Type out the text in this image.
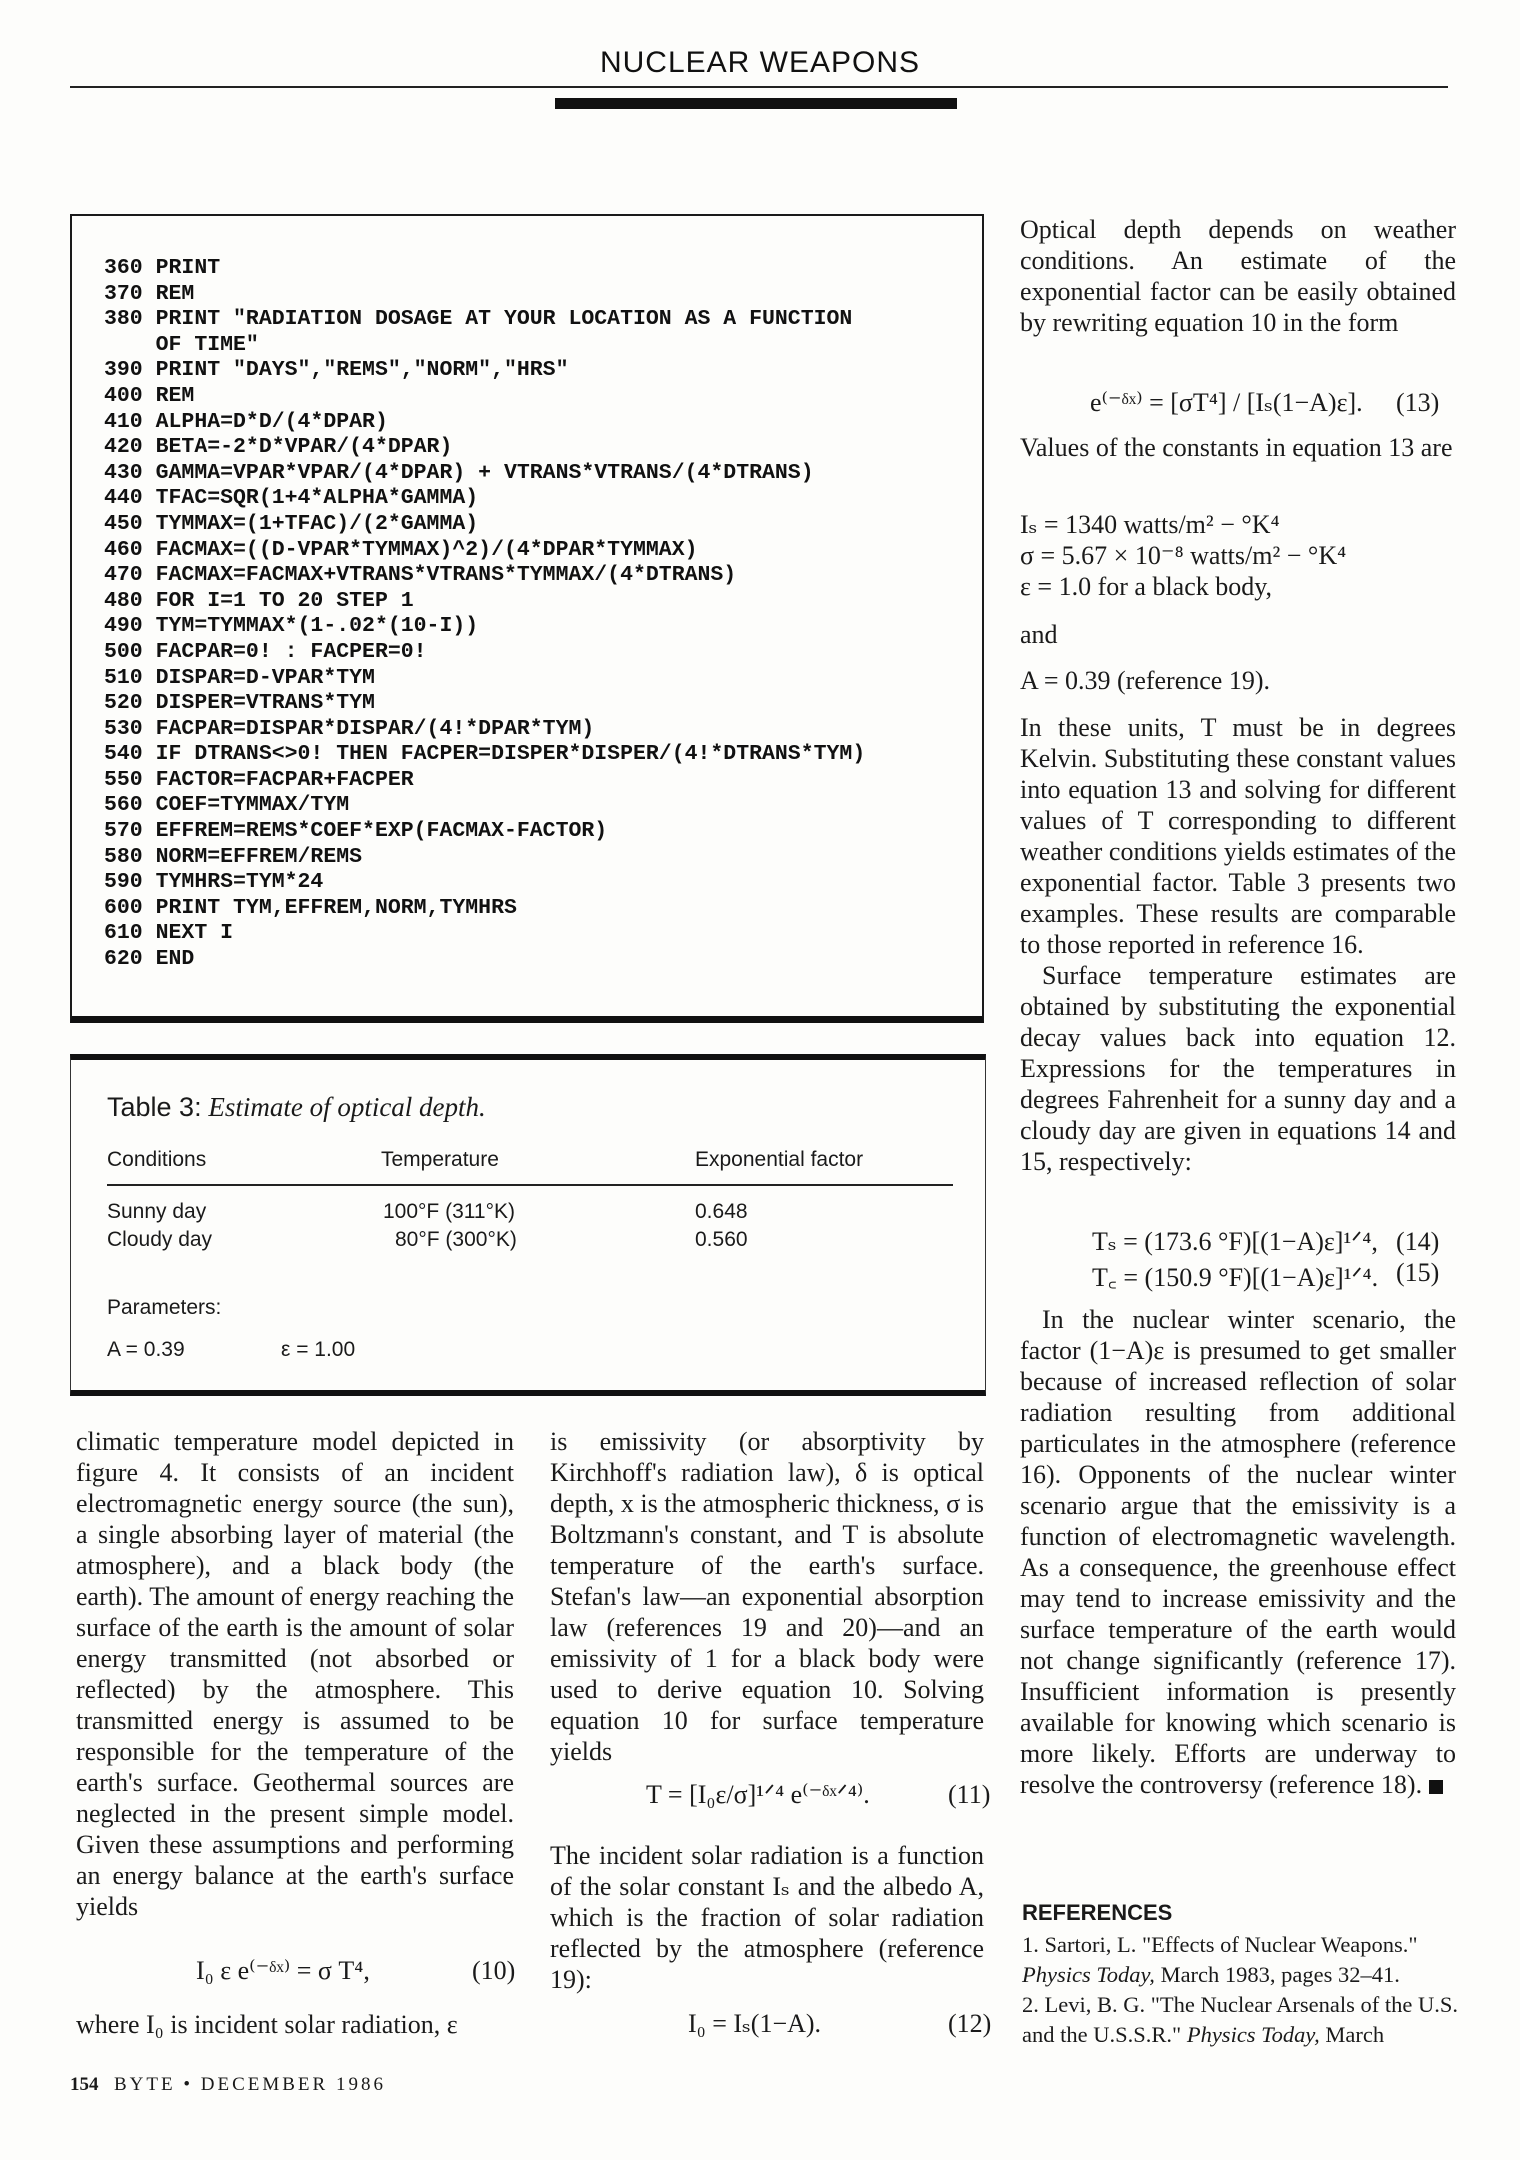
NUCLEAR WEAPONS
360 PRINT
370 REM
380 PRINT "RADIATION DOSAGE AT YOUR LOCATION AS A FUNCTION
OF TIME"
390 PRINT "DAYS","REMS","NORM","HRS"
400 REM
410 ALPHA=D*D/(4*DPAR)
420 BETA=-2*D*VPAR/(4*DPAR)
430 GAMMA=VPAR*VPAR/(4*DPAR) + VTRANS*VTRANS/(4*DTRANS)
440 TFAC=SQR(1+4*ALPHA*GAMMA)
450 TYMMAX=(1+TFAC)/(2*GAMMA)
460 FACMAX=((D-VPAR*TYMMAX)^2)/(4*DPAR*TYMMAX)
470 FACMAX=FACMAX+VTRANS*VTRANS*TYMMAX/(4*DTRANS)
480 FOR I=1 TO 20 STEP 1
490 TYM=TYMMAX*(1-.02*(10-I))
500 FACPAR=0! : FACPER=0!
510 DISPAR=D-VPAR*TYM
520 DISPER=VTRANS*TYM
530 FACPAR=DISPAR*DISPAR/(4!*DPAR*TYM)
540 IF DTRANS<>0! THEN FACPER=DISPER*DISPER/(4!*DTRANS*TYM)
550 FACTOR=FACPAR+FACPER
560 COEF=TYMMAX/TYM
570 EFFREM=REMS*COEF*EXP(FACMAX-FACTOR)
580 NORM=EFFREM/REMS
590 TYMHRS=TYM*24
600 PRINT TYM,EFFREM,NORM,TYMHRS
610 NEXT I
620 END
Table 3: Estimate of optical depth.
Conditions	Temperature	Exponential factor
Sunny day	100°F (311°K)	0.648
Cloudy day	80°F (300°K)	0.560
Parameters:
A = 0.39	ε = 1.00

climatic temperature model depicted in figure 4. It consists of an incident electromagnetic energy source (the sun), a single absorbing layer of material (the atmosphere), and a black body (the earth). The amount of energy reaching the surface of the earth is the amount of solar energy transmitted (not absorbed or reflected) by the atmosphere. This transmitted energy is assumed to be responsible for the temperature of the earth's surface. Geothermal sources are neglected in the present simple model. Given these assumptions and performing an energy balance at the earth's surface yields

I₀ ε e⁽⁻ᵟˣ⁾ = σ T⁴,	(10)

where I₀ is incident solar radiation, ε

is emissivity (or absorptivity by Kirchhoff's radiation law), δ is optical depth, x is the atmospheric thickness, σ is Boltzmann's constant, and T is absolute temperature of the earth's surface. Stefan's law—an exponential absorption law (references 19 and 20)—and an emissivity of 1 for a black body were used to derive equation 10. Solving equation 10 for surface temperature yields

T = [I₀ε/σ]¹ᐟ⁴ e⁽⁻ᵟˣᐟ⁴⁾.	(11)

The incident solar radiation is a function of the solar constant Iₛ and the albedo A, which is the fraction of solar radiation reflected by the atmosphere (reference 19):

I₀ = Iₛ(1−A).	(12)

Optical depth depends on weather conditions. An estimate of the exponential factor can be easily obtained by rewriting equation 10 in the form

e⁽⁻ᵟˣ⁾ = [σT⁴] / [Iₛ(1−A)ε]. (13)

Values of the constants in equation 13 are

Iₛ = 1340 watts/m² − °K⁴
σ = 5.67 × 10⁻⁸ watts/m² − °K⁴
ε = 1.0 for a black body,
and
A = 0.39 (reference 19).

In these units, T must be in degrees Kelvin. Substituting these constant values into equation 13 and solving for different values of T corresponding to different weather conditions yields estimates of the exponential factor. Table 3 presents two examples. These results are comparable to those reported in reference 16.

Surface temperature estimates are obtained by substituting the exponential decay values back into equation 12. Expressions for the temperatures in degrees Fahrenheit for a sunny day and a cloudy day are given in equations 14 and 15, respectively:

Tₛ = (173.6 °F)[(1−A)ε]¹ᐟ⁴, (14)
T꜀ = (150.9 °F)[(1−A)ε]¹ᐟ⁴. (15)

In the nuclear winter scenario, the factor (1−A)ε is presumed to get smaller because of increased reflection of solar radiation resulting from additional particulates in the atmosphere (reference 16). Opponents of the nuclear winter scenario argue that the emissivity is a function of electromagnetic wavelength. As a consequence, the greenhouse effect may tend to increase emissivity and the surface temperature of the earth would not change significantly (reference 17). Insufficient information is presently available for knowing which scenario is more likely. Efforts are underway to resolve the controversy (reference 18).

REFERENCES
1. Sartori, L. "Effects of Nuclear Weapons." Physics Today, March 1983, pages 32–41.
2. Levi, B. G. "The Nuclear Arsenals of the U.S. and the U.S.S.R." Physics Today, March
154 BYTE • DECEMBER 1986
